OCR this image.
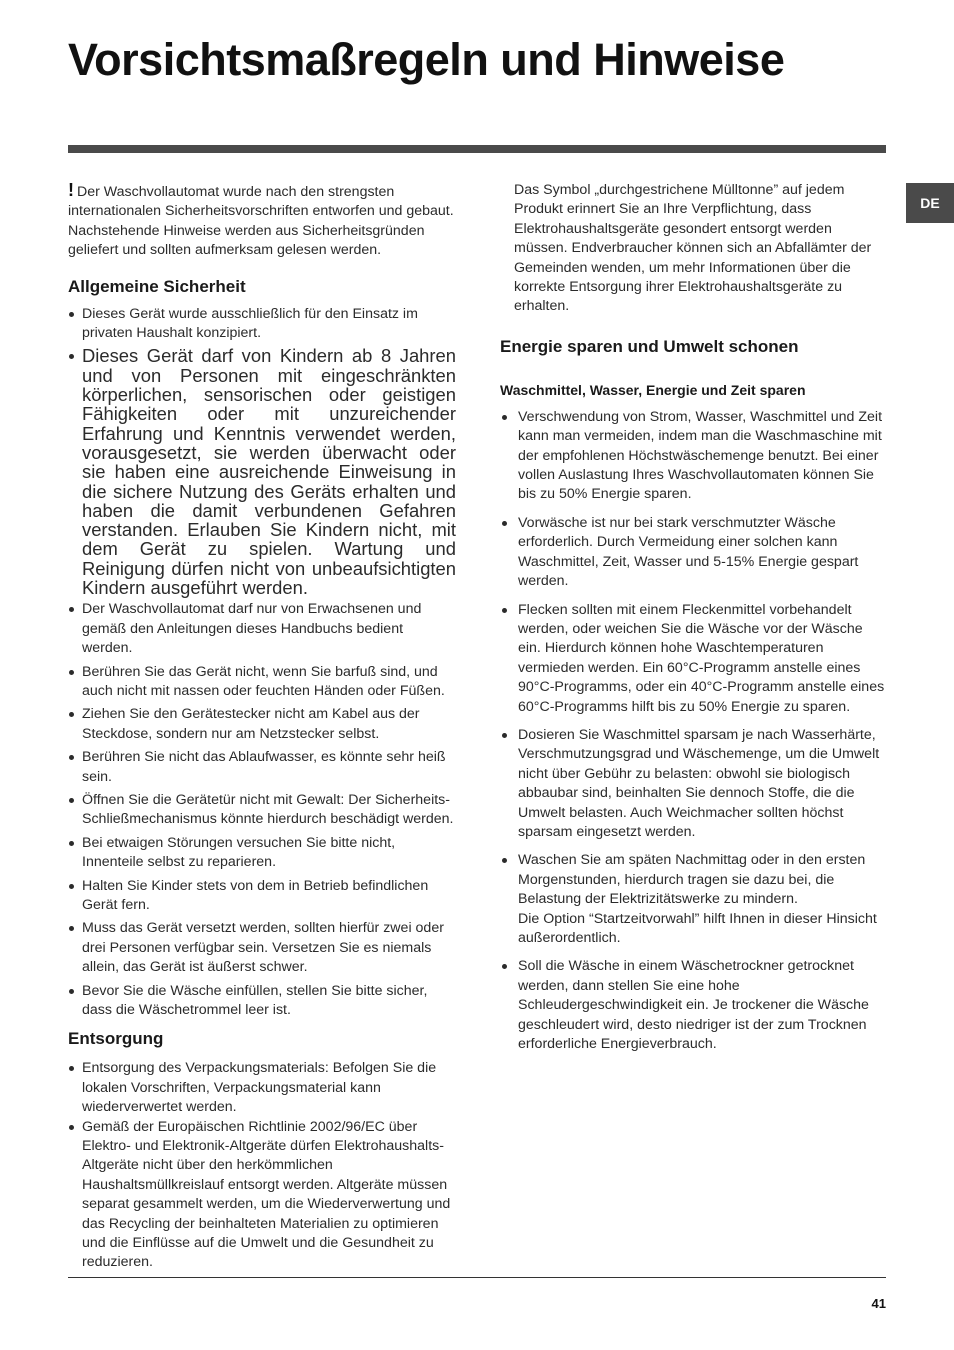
Vorsichtsmaßregeln und Hinweise
DE

! Der Waschvollautomat wurde nach den strengsten internationalen Sicherheitsvorschriften entworfen und gebaut. Nachstehende Hinweise werden aus Sicherheitsgründen geliefert und sollten aufmerksam gelesen werden.

Allgemeine Sicherheit
Dieses Gerät wurde ausschließlich für den Einsatz im privaten Haushalt konzipiert.
Dieses Gerät darf von Kindern ab 8 Jahren und von Personen mit eingeschränkten körperlichen, sensorischen oder geistigen Fähigkeiten oder mit unzureichender Erfahrung und Kenntnis verwendet werden, vorausgesetzt, sie werden überwacht oder sie haben eine ausreichende Einweisung in die sichere Nutzung des Geräts erhalten und haben die damit verbundenen Gefahren verstanden. Erlauben Sie Kindern nicht, mit dem Gerät zu spielen. Wartung und Reinigung dürfen nicht von unbeaufsichtigten Kindern ausgeführt werden.
Der Waschvollautomat darf nur von Erwachsenen und gemäß den Anleitungen dieses Handbuchs bedient werden.
Berühren Sie das Gerät nicht, wenn Sie barfuß sind, und auch nicht mit nassen oder feuchten Händen oder Füßen.
Ziehen Sie den Gerätestecker nicht am Kabel aus der Steckdose, sondern nur am Netzstecker selbst.
Berühren Sie nicht das Ablaufwasser, es könnte sehr heiß sein.
Öffnen Sie die Gerätetür nicht mit Gewalt: Der Sicherheits-Schließmechanismus könnte hierdurch beschädigt werden.
Bei etwaigen Störungen versuchen Sie bitte nicht, Innenteile selbst zu reparieren.
Halten Sie Kinder stets von dem in Betrieb befindlichen Gerät fern.
Muss das Gerät versetzt werden, sollten hierfür zwei oder drei Personen verfügbar sein. Versetzen Sie es niemals allein, das Gerät ist äußerst schwer.
Bevor Sie die Wäsche einfüllen, stellen Sie bitte sicher, dass die Wäschetrommel leer ist.
Entsorgung
Entsorgung des Verpackungsmaterials: Befolgen Sie die lokalen Vorschriften, Verpackungsmaterial kann wiederverwertet werden.
Gemäß der Europäischen Richtlinie 2002/96/EC über Elektro- und Elektronik-Altgeräte dürfen Elektrohaushalts-Altgeräte nicht über den herkömmlichen Haushaltsmüllkreislauf entsorgt werden. Altgeräte müssen separat gesammelt werden, um die Wiederverwertung und das Recycling der beinhalteten Materialien zu optimieren und die Einflüsse auf die Umwelt und die Gesundheit zu reduzieren.

Das Symbol „durchgestrichene Mülltonne” auf jedem Produkt erinnert Sie an Ihre Verpflichtung, dass Elektrohaushaltsgeräte gesondert entsorgt werden müssen. Endverbraucher können sich an Abfallämter der Gemeinden wenden, um mehr Informationen über die korrekte Entsorgung ihrer Elektrohaushaltsgeräte zu erhalten.

Energie sparen und Umwelt schonen
Waschmittel, Wasser, Energie und Zeit sparen
Verschwendung von Strom, Wasser, Waschmittel und Zeit kann man vermeiden, indem man die Waschmaschine mit der empfohlenen Höchstwäschemenge benutzt. Bei einer vollen Auslastung Ihres Waschvollautomaten können Sie bis zu 50% Energie sparen.
Vorwäsche ist nur bei stark verschmutzter Wäsche erforderlich. Durch Vermeidung einer solchen kann Waschmittel, Zeit, Wasser und 5-15% Energie gespart werden.
Flecken sollten mit einem Fleckenmittel vorbehandelt werden, oder weichen Sie die Wäsche vor der Wäsche ein. Hierdurch können hohe Waschtemperaturen vermieden werden. Ein 60°C-Programm anstelle eines 90°C-Programms, oder ein 40°C-Programm anstelle eines 60°C-Programms hilft bis zu 50% Energie zu sparen.
Dosieren Sie Waschmittel sparsam je nach Wasserhärte, Verschmutzungsgrad und Wäschemenge, um die Umwelt nicht über Gebühr zu belasten: obwohl sie biologisch abbaubar sind, beinhalten Sie dennoch Stoffe, die die Umwelt belasten. Auch Weichmacher sollten höchst sparsam eingesetzt werden.
Waschen Sie am späten Nachmittag oder in den ersten Morgenstunden, hierdurch tragen sie dazu bei, die Belastung der Elektrizitätswerke zu mindern.
Die Option “Startzeitvorwahl” hilft Ihnen in dieser Hinsicht außerordentlich.
Soll die Wäsche in einem Wäschetrockner getrocknet werden, dann stellen Sie eine hohe Schleudergeschwindigkeit ein. Je trockener die Wäsche geschleudert wird, desto niedriger ist der zum Trocknen erforderliche Energieverbrauch.
41
